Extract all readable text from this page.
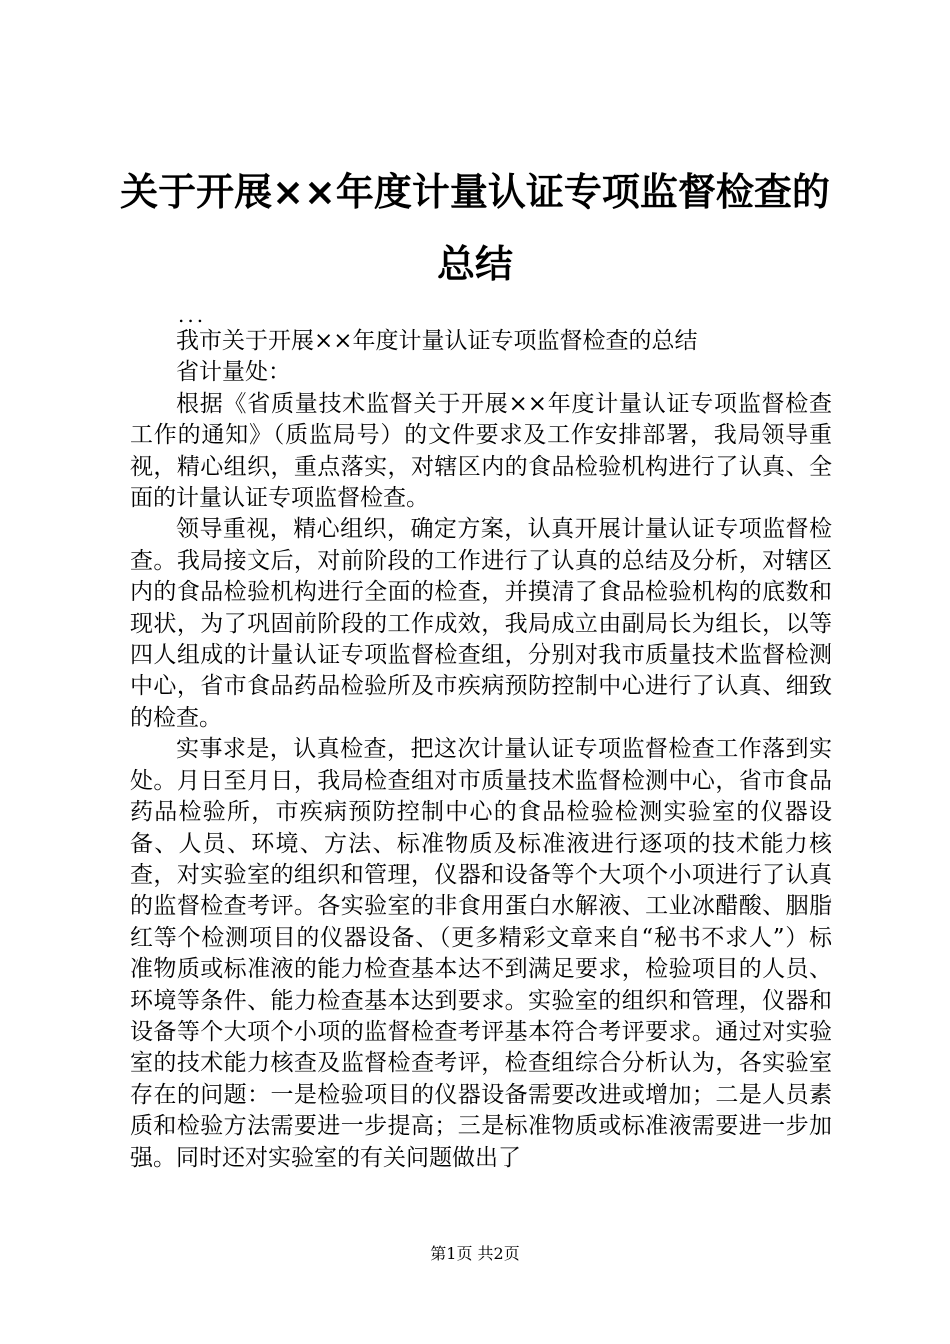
关于开展××年度计量认证专项监督检查的总结
...

我市关于开展××年度计量认证专项监督检查的总结

省计量处：

根据《省质量技术监督关于开展××年度计量认证专项监督检查工作的通知》（质监局号）的文件要求及工作安排部署，我局领导重视，精心组织，重点落实，对辖区内的食品检验机构进行了认真、全面的计量认证专项监督检查。

领导重视，精心组织，确定方案，认真开展计量认证专项监督检查。我局接文后，对前阶段的工作进行了认真的总结及分析，对辖区内的食品检验机构进行全面的检查，并摸清了食品检验机构的底数和现状，为了巩固前阶段的工作成效，我局成立由副局长为组长，以等四人组成的计量认证专项监督检查组，分别对我市质量技术监督检测中心，省市食品药品检验所及市疾病预防控制中心进行了认真、细致的检查。

实事求是，认真检查，把这次计量认证专项监督检查工作落到实处。月日至月日，我局检查组对市质量技术监督检测中心，省市食品药品检验所，市疾病预防控制中心的食品检验检测实验室的仪器设备、人员、环境、方法、标准物质及标准液进行逐项的技术能力核查，对实验室的组织和管理，仪器和设备等个大项个小项进行了认真的监督检查考评。各实验室的非食用蛋白水解液、工业冰醋酸、胭脂红等个检测项目的仪器设备、（更多精彩文章来自“秘书不求人”）标准物质或标准液的能力检查基本达不到满足要求，检验项目的人员、环境等条件、能力检查基本达到要求。实验室的组织和管理，仪器和设备等个大项个小项的监督检查考评基本符合考评要求。通过对实验室的技术能力核查及监督检查考评，检查组综合分析认为，各实验室存在的问题：一是检验项目的仪器设备需要改进或增加；二是人员素质和检验方法需要进一步提高；三是标准物质或标准液需要进一步加强。同时还对实验室的有关问题做出了

第1页 共2页
